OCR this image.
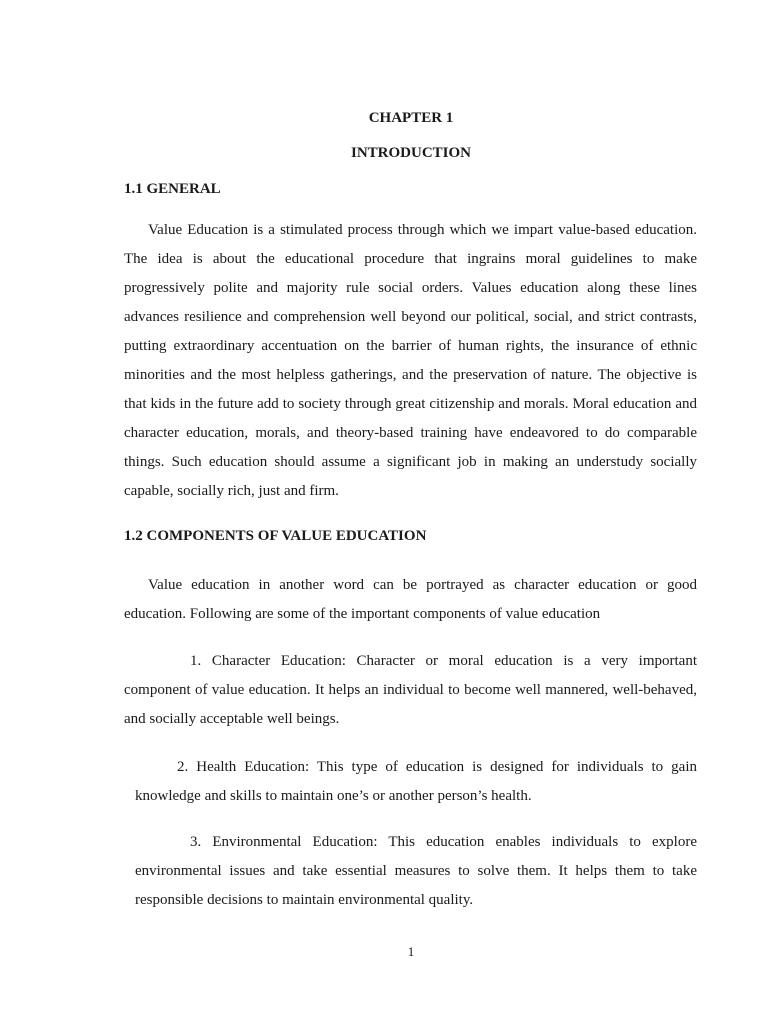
CHAPTER 1
INTRODUCTION
1.1 GENERAL

Value Education is a stimulated process through which we impart value-based education. The idea is about the educational procedure that ingrains moral guidelines to make progressively polite and majority rule social orders. Values education along these lines advances resilience and comprehension well beyond our political, social, and strict contrasts, putting extraordinary accentuation on the barrier of human rights, the insurance of ethnic minorities and the most helpless gatherings, and the preservation of nature. The objective is that kids in the future add to society through great citizenship and morals. Moral education and character education, morals, and theory-based training have endeavored to do comparable things. Such education should assume a significant job in making an understudy socially capable, socially rich, just and firm.

1.2 COMPONENTS OF VALUE EDUCATION

Value education in another word can be portrayed as character education or good education. Following are some of the important components of value education

1. Character Education: Character or moral education is a very important component of value education. It helps an individual to become well mannered, well-behaved, and socially acceptable well beings.

2. Health Education: This type of education is designed for individuals to gain knowledge and skills to maintain one’s or another person’s health.

3. Environmental Education: This education enables individuals to explore environmental issues and take essential measures to solve them. It helps them to take responsible decisions to maintain environmental quality.

1
